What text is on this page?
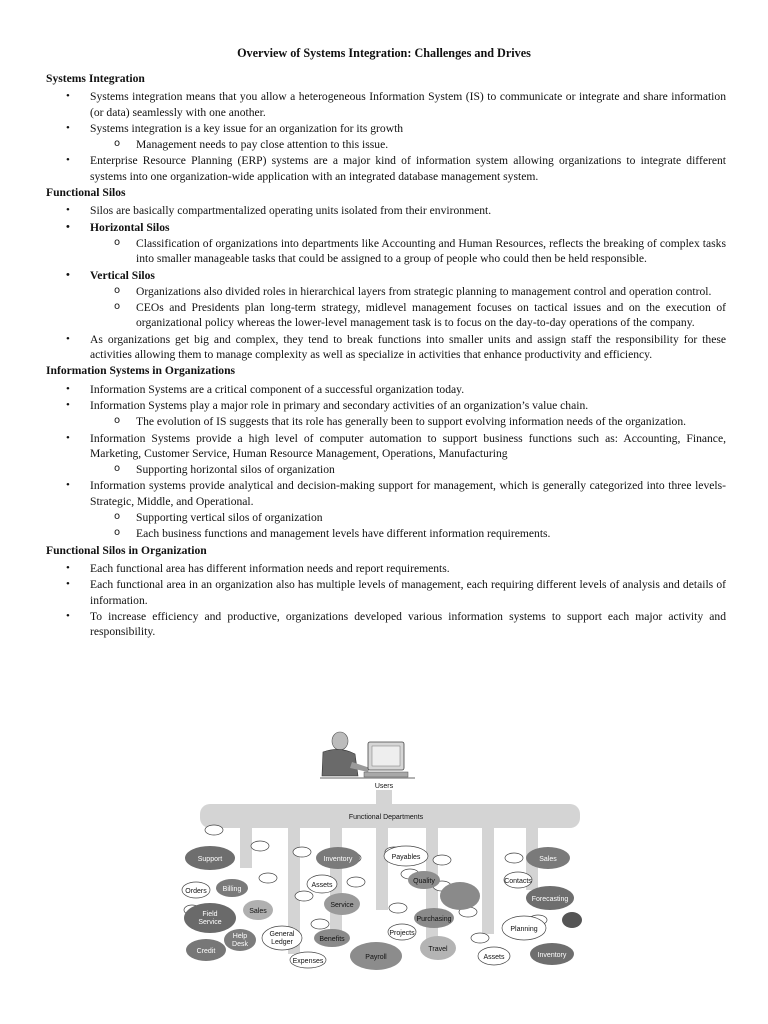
Overview of Systems Integration: Challenges and Drives
Systems Integration
• Systems integration means that you allow a heterogeneous Information System (IS) to communicate or integrate and share information (or data) seamlessly with one another.
• Systems integration is a key issue for an organization for its growth
o Management needs to pay close attention to this issue.
• Enterprise Resource Planning (ERP) systems are a major kind of information system allowing organizations to integrate different systems into one organization-wide application with an integrated database management system.
Functional Silos
• Silos are basically compartmentalized operating units isolated from their environment.
• Horizontal Silos
o Classification of organizations into departments like Accounting and Human Resources, reflects the breaking of complex tasks into smaller manageable tasks that could be assigned to a group of people who could then be held responsible.
• Vertical Silos
o Organizations also divided roles in hierarchical layers from strategic planning to management control and operation control.
o CEOs and Presidents plan long-term strategy, midlevel management focuses on tactical issues and on the execution of organizational policy whereas the lower-level management task is to focus on the day-to-day operations of the company.
• As organizations get big and complex, they tend to break functions into smaller units and assign staff the responsibility for these activities allowing them to manage complexity as well as specialize in activities that enhance productivity and efficiency.
Information Systems in Organizations
• Information Systems are a critical component of a successful organization today.
• Information Systems play a major role in primary and secondary activities of an organization’s value chain.
o The evolution of IS suggests that its role has generally been to support evolving information needs of the organization.
• Information Systems provide a high level of computer automation to support business functions such as: Accounting, Finance, Marketing, Customer Service, Human Resource Management, Operations, Manufacturing
o Supporting horizontal silos of organization
• Information systems provide analytical and decision-making support for management, which is generally categorized into three levels- Strategic, Middle, and Operational.
o Supporting vertical silos of organization
o Each business functions and management levels have different information requirements.
Functional Silos in Organization
• Each functional area has different information needs and report requirements.
• Each functional area in an organization also has multiple levels of management, each requiring different levels of analysis and details of information.
• To increase efficiency and productive, organizations developed various information systems to support each major activity and responsibility.
Users
Functional Departments
Support
Orders Billing
Field
Service
Sales
Help
Desk
Credit
General
Ledger	Benefits
Expenses
Payroll
Inventory
Assets
Service
Payables
Quality
Purchasing
Projects
Travel
Sales
Contacts
Forecasting
Planning
Assets	Inventory
